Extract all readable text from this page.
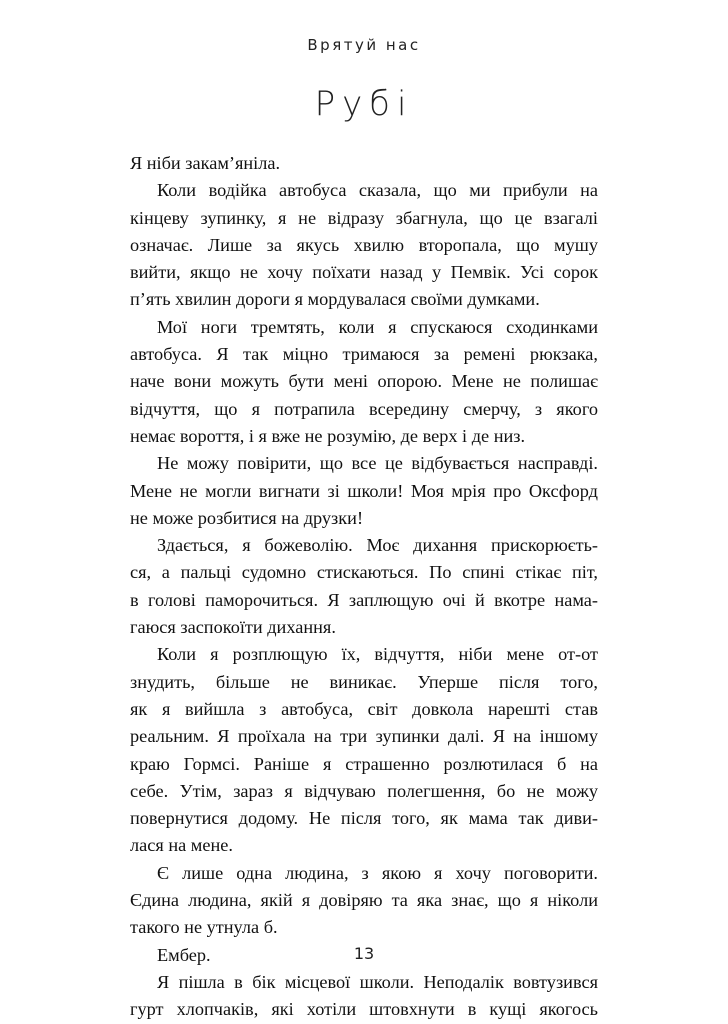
Врятуй нас
Рубі
Я ніби закам’яніла.
Коли водійка автобуса сказала, що ми прибули на
кінцеву зупинку, я не відразу збагнула, що це взагалі
означає. Лише за якусь хвилю второпала, що мушу
вийти, якщо не хочу поїхати назад у Пемвік. Усі сорок
п’ять хвилин дороги я мордувалася своїми думками.
Мої ноги тремтять, коли я спускаюся сходинками
автобуса. Я так міцно тримаюся за ремені рюкзака,
наче вони можуть бути мені опорою. Мене не полишає
відчуття, що я потрапила всередину смерчу, з якого
немає вороття, і я вже не розумію, де верх і де низ.
Не можу повірити, що все це відбувається насправді.
Мене не могли вигнати зі школи! Моя мрія про Оксфорд
не може розбитися на друзки!
Здається, я божеволію. Моє дихання прискорюєть-
ся, а пальці судомно стискаються. По спині стікає піт,
в голові паморочиться. Я заплющую очі й вкотре нама-
гаюся заспокоїти дихання.
Коли я розплющую їх, відчуття, ніби мене от-от
знудить, більше не виникає. Уперше після того,
як я вийшла з автобуса, світ довкола нарешті став
реальним. Я проїхала на три зупинки далі. Я на іншому
краю Гормсі. Раніше я страшенно розлютилася б на
себе. Утім, зараз я відчуваю полегшення, бо не можу
повернутися додому. Не після того, як мама так диви-
лася на мене.
Є лише одна людина, з якою я хочу поговорити.
Єдина людина, якій я довіряю та яка знає, що я ніколи
такого не утнула б.
Ембер.
Я пішла в бік місцевої школи. Неподалік вовтузився
гурт хлопчаків, які хотіли штовхнути в кущі якогось
13
